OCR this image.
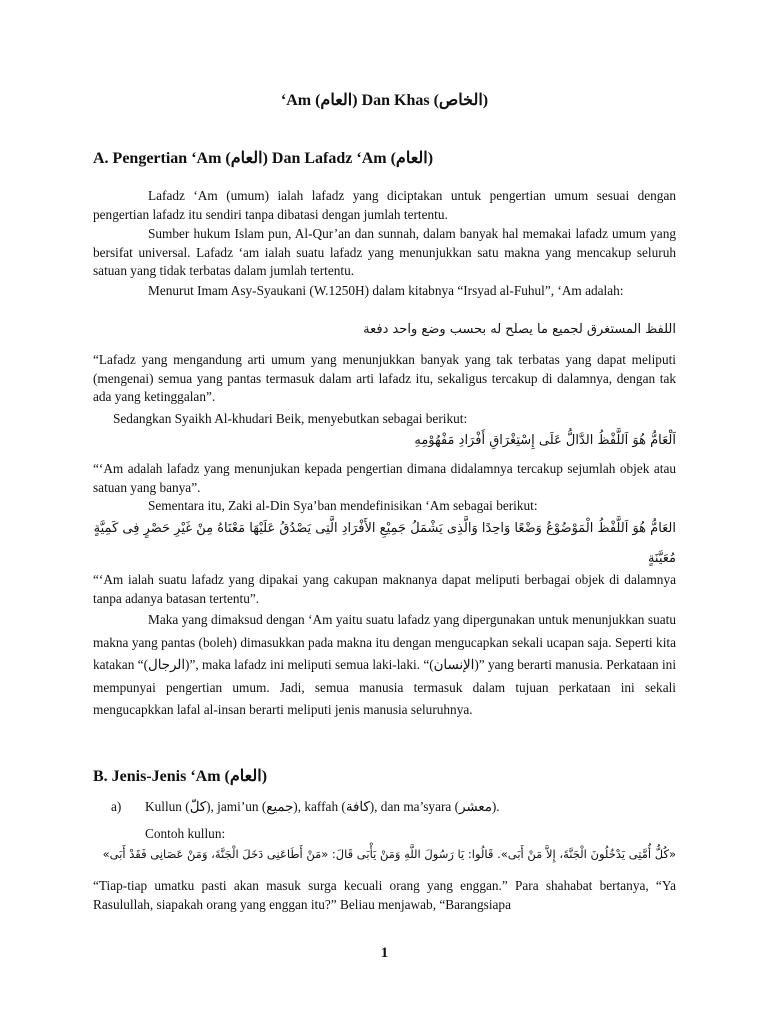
‘Am (العام) Dan Khas (الخاص)
A. Pengertian ‘Am (العام) Dan Lafadz ‘Am (العام)
Lafadz ‘Am (umum) ialah lafadz yang diciptakan untuk pengertian umum sesuai dengan pengertian lafadz itu sendiri tanpa dibatasi dengan jumlah tertentu.
Sumber hukum Islam pun, Al-Qur’an dan sunnah, dalam banyak hal memakai lafadz umum yang bersifat universal. Lafadz ‘am ialah suatu lafadz yang menunjukkan satu makna yang mencakup seluruh satuan yang tidak terbatas dalam jumlah tertentu.
Menurut Imam Asy-Syaukani (W.1250H) dalam kitabnya “Irsyad al-Fuhul”, ‘Am adalah:
اللفظ المستغرق لجميع ما يصلح له بحسب وضع واحد دفعة
“Lafadz yang mengandung arti umum yang menunjukkan banyak yang tak terbatas yang dapat meliputi (mengenai) semua yang pantas termasuk dalam arti lafadz itu, sekaligus tercakup di dalamnya, dengan tak ada yang ketinggalan”.
Sedangkan Syaikh Al-khudari Beik, menyebutkan sebagai berikut:
اَلْعَامُّ هُوَ اَللَّفْظُ الدَّالُّ عَلَى إِسْتِغْرَاقِ أَفْرَادِ مَفْهُوْمِهِ
“‘Am adalah lafadz yang menunjukan kepada pengertian dimana didalamnya tercakup sejumlah objek atau satuan yang banya”.
Sementara itu, Zaki al-Din Sya’ban mendefinisikan ‘Am sebagai berikut:
العَامُّ هُوَ اَللَّفْظُ الْمَوْضُوْعُ وَضْعًا وَاحِدًا وَالَّذِى يَشْمَلُ جَمِيْعِ الأَفْرَادِ الَّتِى يَصْدُقُ عَلَيْهَا مَعْنَاهُ مِنْ غَيْرِ حَصْرٍ فِى كَمِيَّةٍ مُعَيَّنَةٍ
“‘Am ialah suatu lafadz yang dipakai yang cakupan maknanya dapat meliputi berbagai objek di dalamnya tanpa adanya batasan tertentu”.
Maka yang dimaksud dengan ‘Am yaitu suatu lafadz yang dipergunakan untuk menunjukkan suatu makna yang pantas (boleh) dimasukkan pada makna itu dengan mengucapkan sekali ucapan saja. Seperti kita katakan “(الرجال)”, maka lafadz ini meliputi semua laki-laki. “(الإنسان)” yang berarti manusia. Perkataan ini mempunyai pengertian umum. Jadi, semua manusia termasuk dalam tujuan perkataan ini sekali mengucapkkan lafal al-insan berarti meliputi jenis manusia seluruhnya.
B. Jenis-Jenis ‘Am (العام)
a) Kullun (كلّ), jami’un (جميع), kaffah (كافة), dan ma’syara (معشر).
Contoh kullun:
«كُلُّ أُمَّتِى يَدْخُلُونَ الْجَنَّةَ، إِلاَّ مَنْ أَبَى». قَالُوا: يَا رَسُولَ اللَّهِ وَمَنْ يَأْبَى قَالَ: «مَنْ أَطَاعَنِى دَخَلَ الْجَنَّةَ، وَمَنْ عَصَانِى فَقَدْ أَبَى»
“Tiap-tiap umatku pasti akan masuk surga kecuali orang yang enggan.” Para shahabat bertanya, “Ya Rasulullah, siapakah orang yang enggan itu?” Beliau menjawab, “Barangsiapa
1
